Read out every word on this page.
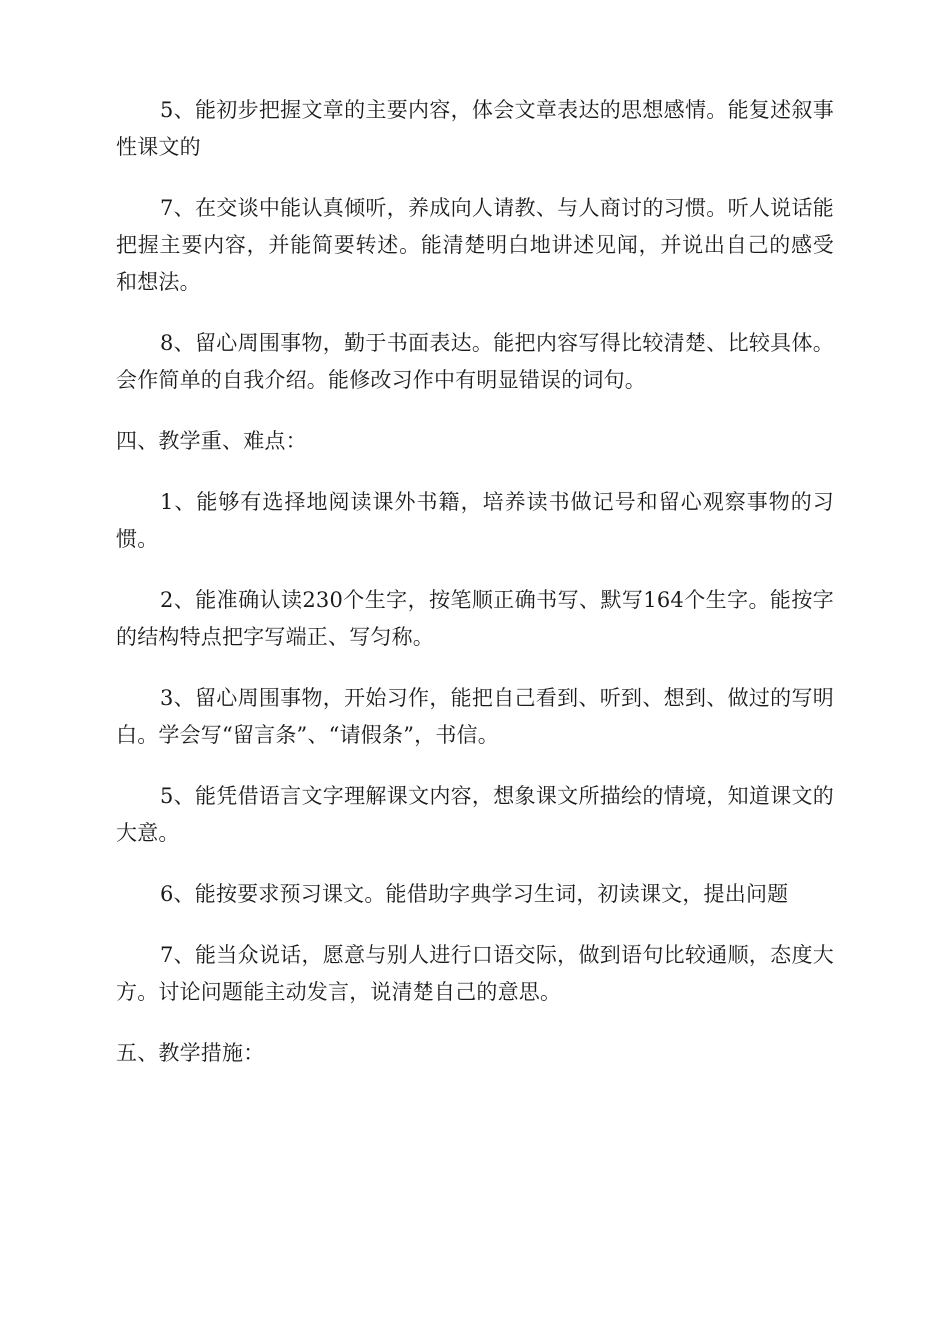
5、能初步把握文章的主要内容，体会文章表达的思想感情。能复述叙事性课文的

7、在交谈中能认真倾听，养成向人请教、与人商讨的习惯。听人说话能把握主要内容，并能简要转述。能清楚明白地讲述见闻，并说出自己的感受和想法。

8、留心周围事物，勤于书面表达。能把内容写得比较清楚、比较具体。会作简单的自我介绍。能修改习作中有明显错误的词句。

四、教学重、难点：

1、能够有选择地阅读课外书籍，培养读书做记号和留心观察事物的习惯。

2、能准确认读230个生字，按笔顺正确书写、默写164个生字。能按字的结构特点把字写端正、写匀称。

3、留心周围事物，开始习作，能把自己看到、听到、想到、做过的写明白。学会写“留言条”、“请假条”，书信。

5、能凭借语言文字理解课文内容，想象课文所描绘的情境，知道课文的大意。

6、能按要求预习课文。能借助字典学习生词，初读课文，提出问题

7、能当众说话，愿意与别人进行口语交际，做到语句比较通顺，态度大方。讨论问题能主动发言，说清楚自己的意思。

五、教学措施：
